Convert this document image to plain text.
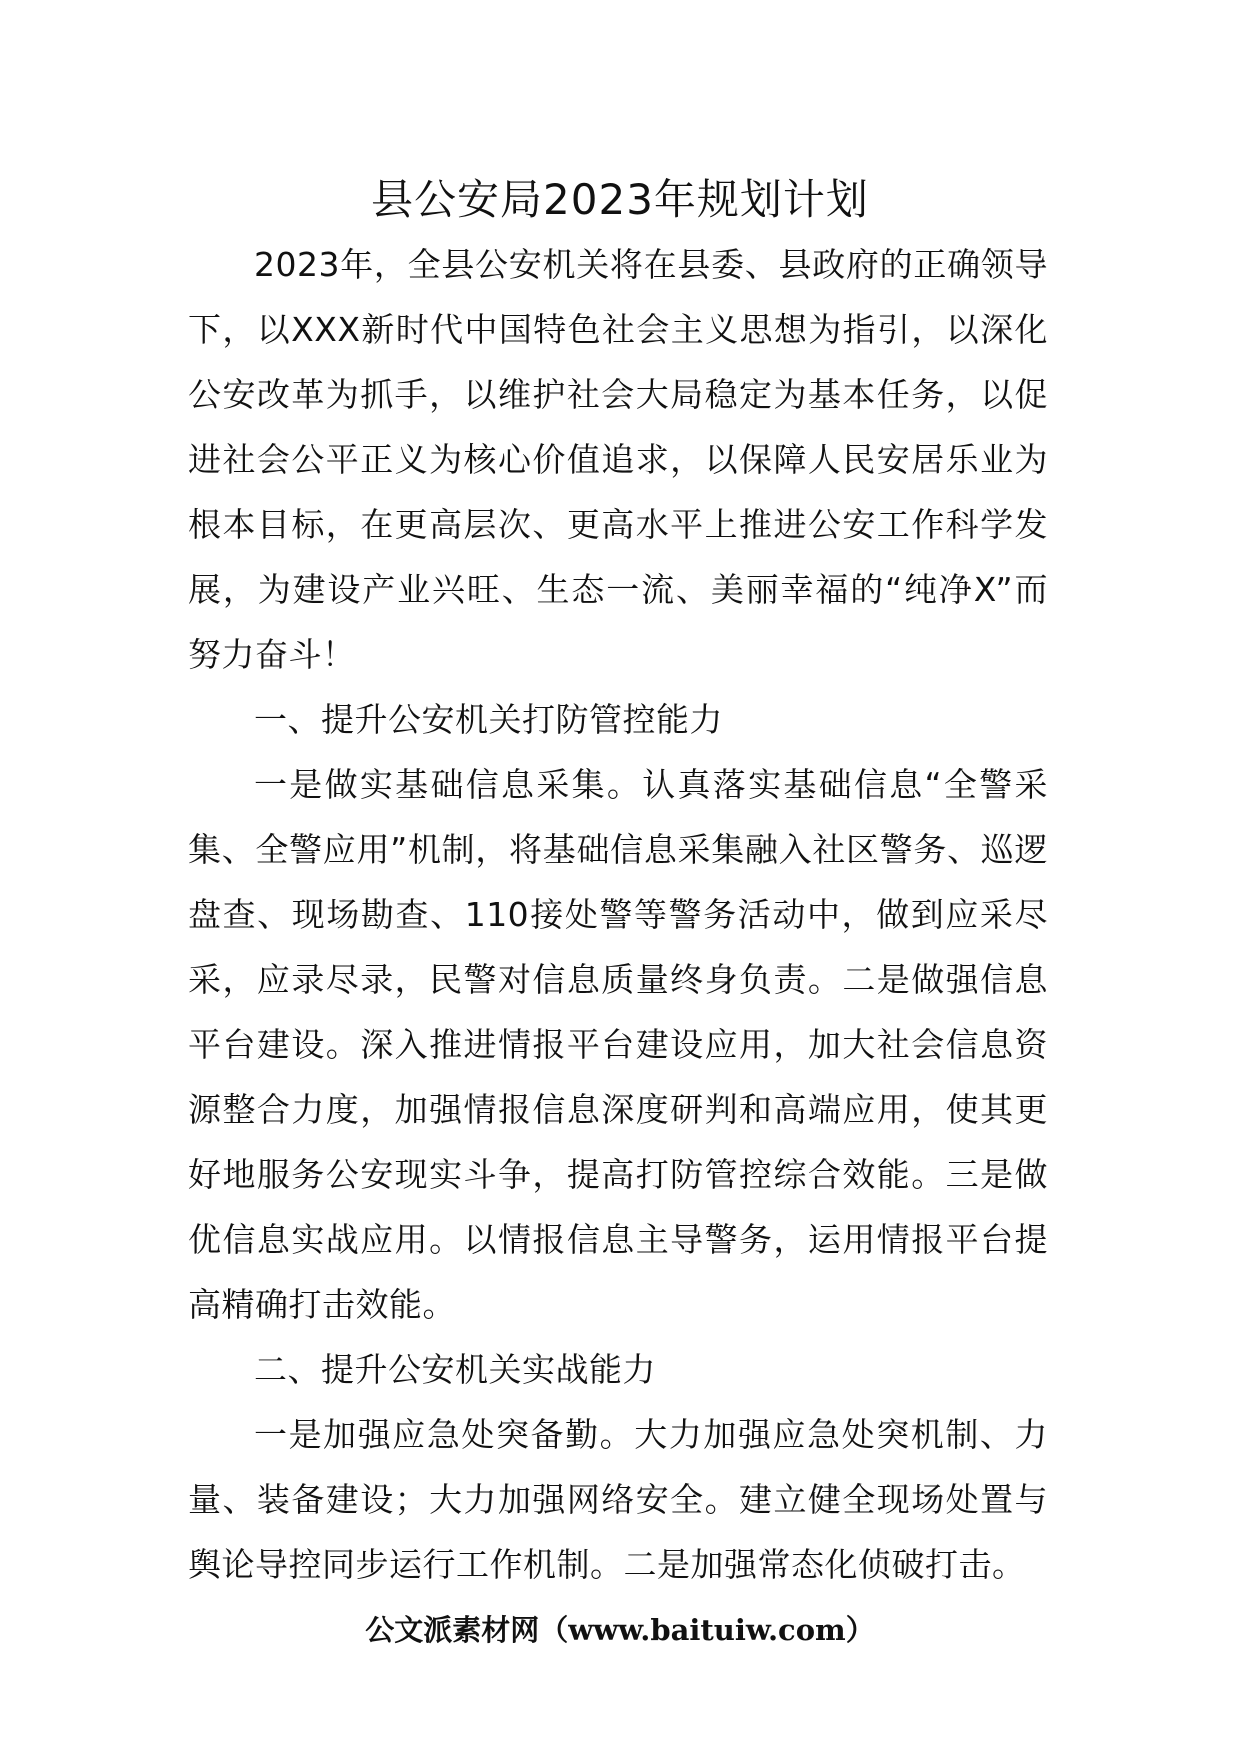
县公安局2023年规划计划

2023年，全县公安机关将在县委、县政府的正确领导下，以XXX新时代中国特色社会主义思想为指引，以深化公安改革为抓手，以维护社会大局稳定为基本任务，以促进社会公平正义为核心价值追求，以保障人民安居乐业为根本目标，在更高层次、更高水平上推进公安工作科学发展，为建设产业兴旺、生态一流、美丽幸福的“纯净X”而努力奋斗！

一、提升公安机关打防管控能力

一是做实基础信息采集。认真落实基础信息“全警采集、全警应用”机制，将基础信息采集融入社区警务、巡逻盘查、现场勘查、110接处警等警务活动中，做到应采尽采，应录尽录，民警对信息质量终身负责。二是做强信息平台建设。深入推进情报平台建设应用，加大社会信息资源整合力度，加强情报信息深度研判和高端应用，使其更好地服务公安现实斗争，提高打防管控综合效能。三是做优信息实战应用。以情报信息主导警务，运用情报平台提高精确打击效能。

二、提升公安机关实战能力

一是加强应急处突备勤。大力加强应急处突机制、力量、装备建设；大力加强网络安全。建立健全现场处置与舆论导控同步运行工作机制。二是加强常态化侦破打击。

公文派素材网（www.baituiw.com）
